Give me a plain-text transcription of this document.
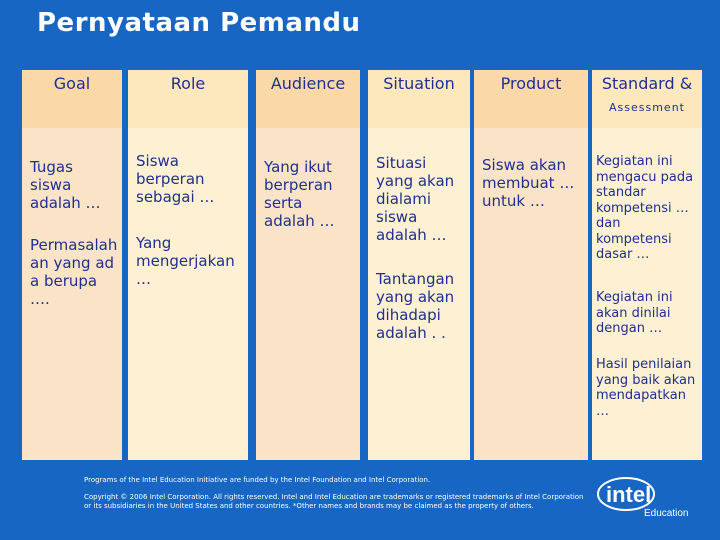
Pernyataan Pemandu
Goal
Tugas siswa adalah …
Permasalahan yang ada berupa ….
Role
Siswa berperan sebagai …
Yang mengerjakan …
Audience
Yang ikut berperan serta adalah …
Situation
Situasi yang akan dialami siswa adalah …
Tantangan yang akan dihadapi adalah . .
Product
Siswa akan membuat … untuk …
Standard &
Assessment
Kegiatan ini mengacu pada standar kompetensi … dan kompetensi dasar …
Kegiatan ini akan dinilai dengan …
Hasil penilaian yang baik akan mendapatkan …

Programs of the Intel Education Initiative are funded by the Intel Foundation and Intel Corporation.

Copyright © 2006 Intel Corporation. All rights reserved. Intel and Intel Education are trademarks or registered trademarks of Intel Corporation or its subsidiaries in the United States and other countries. *Other names and brands may be claimed as the property of others.	intel
Education
